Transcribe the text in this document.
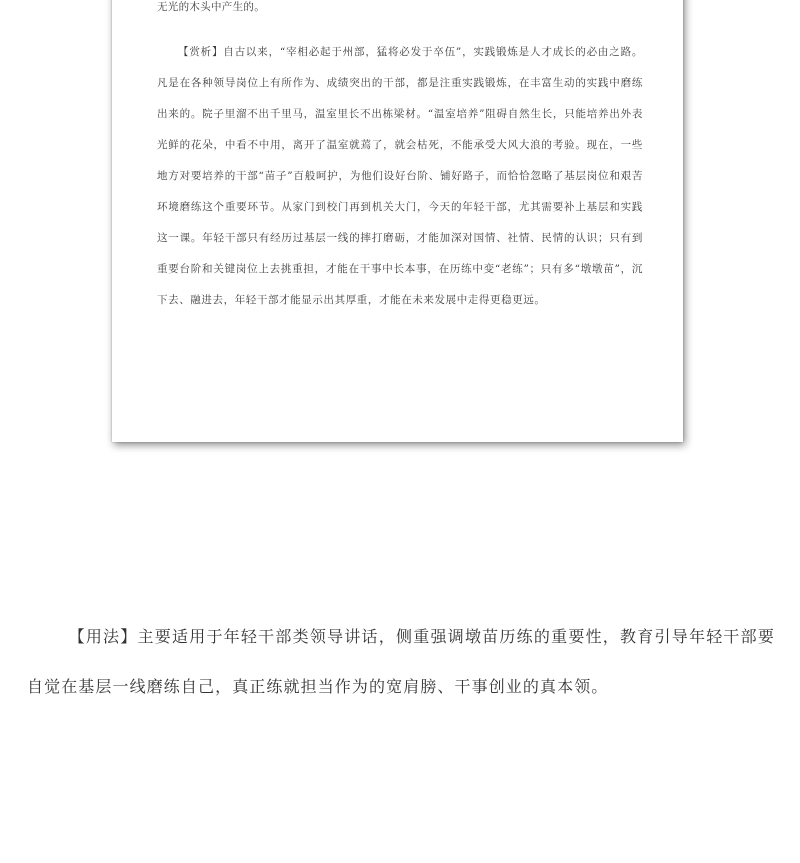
无光的木头中产生的。
【赏析】自古以来，“宰相必起于州部，猛将必发于卒伍”，实践锻炼是人才成长的必由之路。凡是在各种领导岗位上有所作为、成绩突出的干部，都是注重实践锻炼，在丰富生动的实践中磨练出来的。院子里溜不出千里马，温室里长不出栋梁材。“温室培养”阻碍自然生长，只能培养出外表光鲜的花朵，中看不中用，离开了温室就蔫了，就会枯死，不能承受大风大浪的考验。现在，一些地方对要培养的干部“苗子”百般呵护，为他们设好台阶、铺好路子，而恰恰忽略了基层岗位和艰苦环境磨练这个重要环节。从家门到校门再到机关大门，今天的年轻干部，尤其需要补上基层和实践这一课。年轻干部只有经历过基层一线的摔打磨砺，才能加深对国情、社情、民情的认识；只有到重要台阶和关键岗位上去挑重担，才能在干事中长本事，在历练中变“老练”；只有多“墩墩苗”，沉下去、融进去，年轻干部才能显示出其厚重，才能在未来发展中走得更稳更远。
【用法】主要适用于年轻干部类领导讲话，侧重强调墩苗历练的重要性，教育引导年轻干部要自觉在基层一线磨练自己，真正练就担当作为的宽肩膀、干事创业的真本领。
